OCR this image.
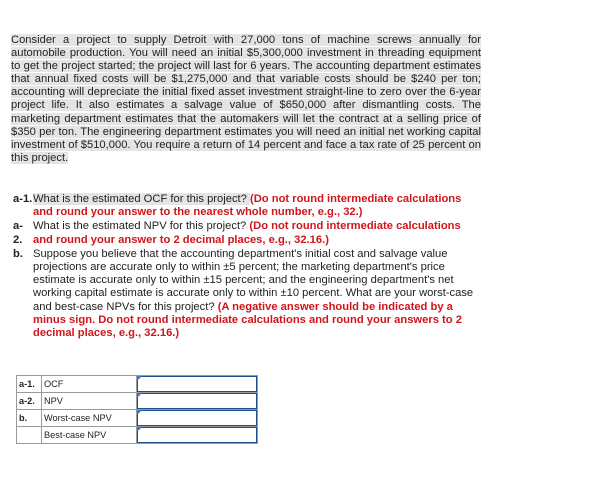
Consider a project to supply Detroit with 27,000 tons of machine screws annually for automobile production. You will need an initial $5,300,000 investment in threading equipment to get the project started; the project will last for 6 years. The accounting department estimates that annual fixed costs will be $1,275,000 and that variable costs should be $240 per ton; accounting will depreciate the initial fixed asset investment straight-line to zero over the 6-year project life. It also estimates a salvage value of $650,000 after dismantling costs. The marketing department estimates that the automakers will let the contract at a selling price of $350 per ton. The engineering department estimates you will need an initial net working capital investment of $510,000. You require a return of 14 percent and face a tax rate of 25 percent on this project.
a-1. What is the estimated OCF for this project? (Do not round intermediate calculations and round your answer to the nearest whole number, e.g., 32.)
a-
2.
What is the estimated NPV for this project? (Do not round intermediate calculations and round your answer to 2 decimal places, e.g., 32.16.)
b. Suppose you believe that the accounting department's initial cost and salvage value projections are accurate only to within ±5 percent; the marketing department's price estimate is accurate only to within ±15 percent; and the engineering department's net working capital estimate is accurate only to within ±10 percent. What are your worst-case and best-case NPVs for this project? (A negative answer should be indicated by a minus sign. Do not round intermediate calculations and round your answers to 2 decimal places, e.g., 32.16.)
a-1.	OCF	

a-2.	NPV	

b.	Worst-case NPV	

	Best-case NPV	
